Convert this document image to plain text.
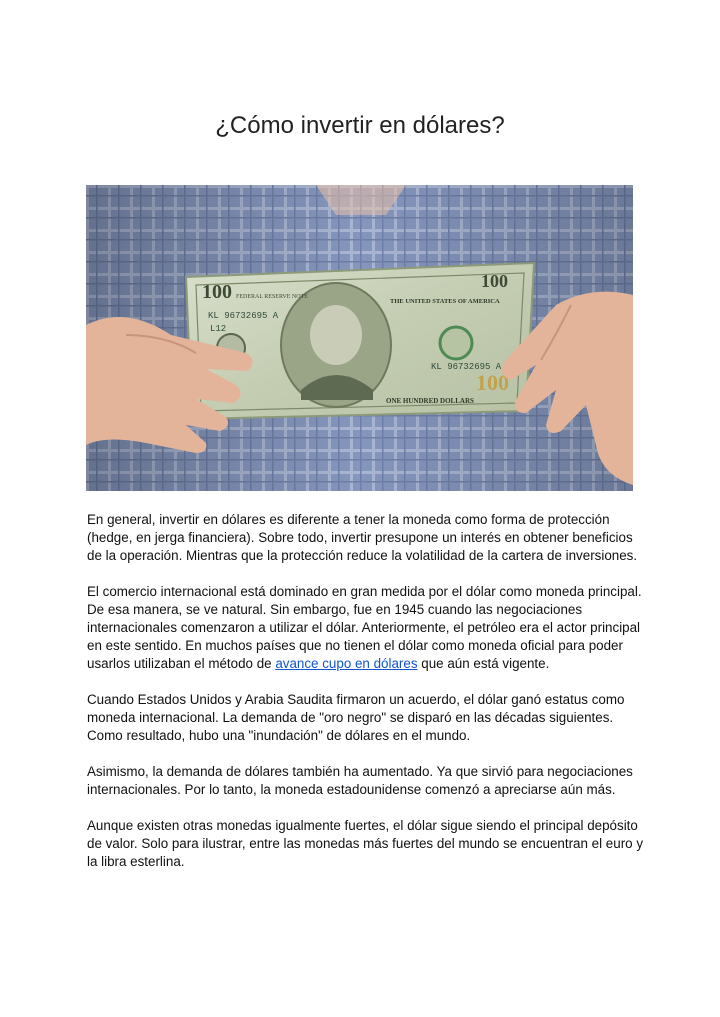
¿Cómo invertir en dólares?
100	100
100
FEDERAL RESERVE NOTE
KL 96732695 A
L12
KL 96732695 A
THE UNITED STATES OF AMERICA
ONE HUNDRED DOLLARS

En general, invertir en dólares es diferente a tener la moneda como forma de protección (hedge, en jerga financiera). Sobre todo, invertir presupone un interés en obtener beneficios de la operación. Mientras que la protección reduce la volatilidad de la cartera de inversiones.

El comercio internacional está dominado en gran medida por el dólar como moneda principal. De esa manera, se ve natural. Sin embargo, fue en 1945 cuando las negociaciones internacionales comenzaron a utilizar el dólar. Anteriormente, el petróleo era el actor principal en este sentido. En muchos países que no tienen el dólar como moneda oficial para poder usarlos utilizaban el método de avance cupo en dólares que aún está vigente.

Cuando Estados Unidos y Arabia Saudita firmaron un acuerdo, el dólar ganó estatus como moneda internacional. La demanda de "oro negro" se disparó en las décadas siguientes. Como resultado, hubo una "inundación" de dólares en el mundo.

Asimismo, la demanda de dólares también ha aumentado. Ya que sirvió para negociaciones internacionales. Por lo tanto, la moneda estadounidense comenzó a apreciarse aún más.

Aunque existen otras monedas igualmente fuertes, el dólar sigue siendo el principal depósito de valor. Solo para ilustrar, entre las monedas más fuertes del mundo se encuentran el euro y la libra esterlina.
